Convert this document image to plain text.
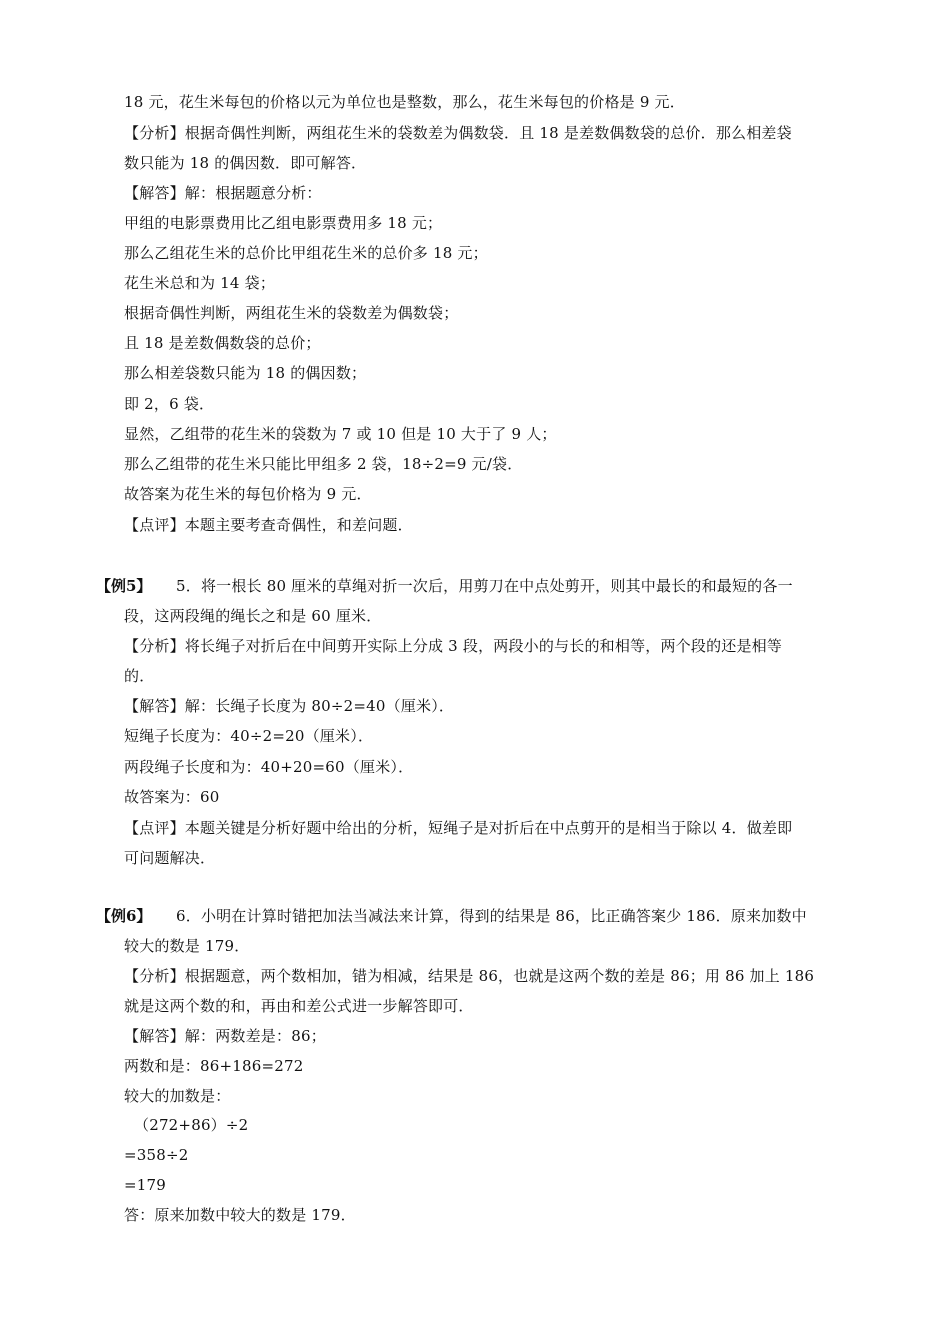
18 元，花生米每包的价格以元为单位也是整数，那么，花生米每包的价格是 9 元．
【分析】根据奇偶性判断，两组花生米的袋数差为偶数袋．且 18 是差数偶数袋的总价．那么相差袋
数只能为 18 的偶因数．即可解答．
【解答】解：根据题意分析：
甲组的电影票费用比乙组电影票费用多 18 元；
那么乙组花生米的总价比甲组花生米的总价多 18 元；
花生米总和为 14 袋；
根据奇偶性判断，两组花生米的袋数差为偶数袋；
且 18 是差数偶数袋的总价；
那么相差袋数只能为 18 的偶因数；
即 2，6 袋．
显然，乙组带的花生米的袋数为 7 或 10 但是 10 大于了 9 人；
那么乙组带的花生米只能比甲组多 2 袋，18÷2=9 元/袋．
故答案为花生米的每包价格为 9 元．
【点评】本题主要考查奇偶性，和差问题．
【例5】 5．将一根长 80 厘米的草绳对折一次后，用剪刀在中点处剪开，则其中最长的和最短的各一
段，这两段绳的绳长之和是 60 厘米．
【分析】将长绳子对折后在中间剪开实际上分成 3 段，两段小的与长的和相等，两个段的还是相等
的．
【解答】解：长绳子长度为 80÷2=40（厘米）．
短绳子长度为：40÷2=20（厘米）．
两段绳子长度和为：40+20=60（厘米）．
故答案为：60
【点评】本题关键是分析好题中给出的分析，短绳子是对折后在中点剪开的是相当于除以 4．做差即
可问题解决．
【例6】 6．小明在计算时错把加法当减法来计算，得到的结果是 86，比正确答案少 186．原来加数中
较大的数是 179．
【分析】根据题意，两个数相加，错为相减，结果是 86，也就是这两个数的差是 86；用 86 加上 186
就是这两个数的和，再由和差公式进一步解答即可．
【解答】解：两数差是：86；
两数和是：86+186=272
较大的加数是：
（272+86）÷2
=358÷2
=179
答：原来加数中较大的数是 179．
